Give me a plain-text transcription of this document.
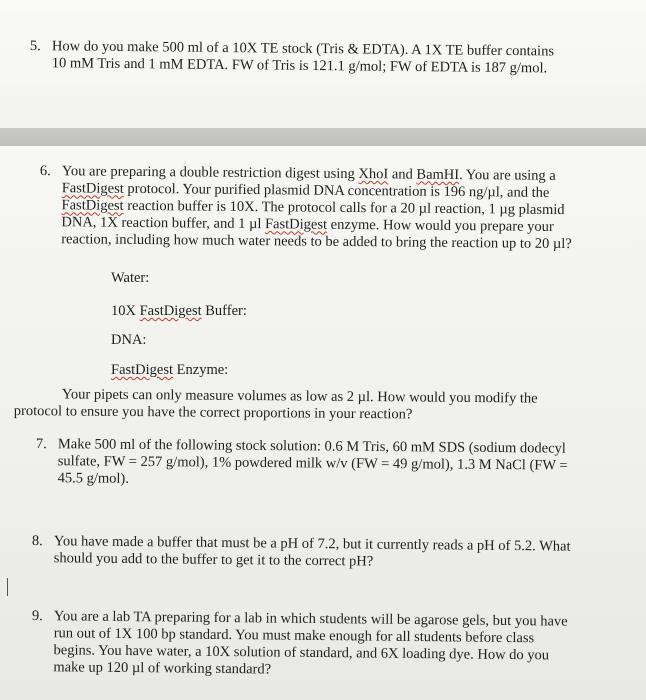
5. How do you make 500 ml of a 10X TE stock (Tris & EDTA). A 1X TE buffer contains
10 mM Tris and 1 mM EDTA. FW of Tris is 121.1 g/mol; FW of EDTA is 187 g/mol.
6. You are preparing a double restriction digest using XhoI and BamHI. You are using a
FastDigest protocol. Your purified plasmid DNA concentration is 196 ng/µl, and the
FastDigest reaction buffer is 10X. The protocol calls for a 20 µl reaction, 1 µg plasmid
DNA, 1X reaction buffer, and 1 µl FastDigest enzyme. How would you prepare your
reaction, including how much water needs to be added to bring the reaction up to 20 µl?
Water:
10X FastDigest Buffer:
DNA:
FastDigest Enzyme:
Your pipets can only measure volumes as low as 2 µl. How would you modify the
protocol to ensure you have the correct proportions in your reaction?
7. Make 500 ml of the following stock solution: 0.6 M Tris, 60 mM SDS (sodium dodecyl
sulfate, FW = 257 g/mol), 1% powdered milk w/v (FW = 49 g/mol), 1.3 M NaCl (FW =
45.5 g/mol).
8. You have made a buffer that must be a pH of 7.2, but it currently reads a pH of 5.2. What
should you add to the buffer to get it to the correct pH?
9. You are a lab TA preparing for a lab in which students will be agarose gels, but you have
run out of 1X 100 bp standard. You must make enough for all students before class
begins. You have water, a 10X solution of standard, and 6X loading dye. How do you
make up 120 µl of working standard?
